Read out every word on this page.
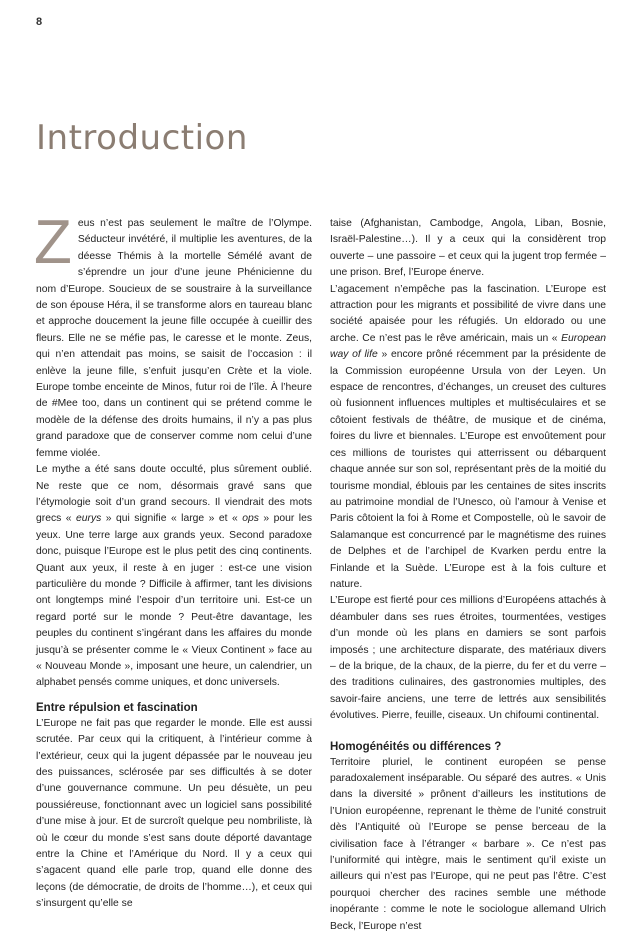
8
Introduction

Zeus n’est pas seulement le maître de l’Olympe. Séducteur invétéré, il multiplie les aventures, de la déesse Thémis à la mortelle Sémélé avant de s’éprendre un jour d’une jeune Phénicienne du nom d’Europe. Soucieux de se soustraire à la surveillance de son épouse Héra, il se transforme alors en taureau blanc et approche doucement la jeune fille occupée à cueillir des fleurs. Elle ne se méfie pas, le caresse et le monte. Zeus, qui n’en attendait pas moins, se saisit de l’occasion : il enlève la jeune fille, s’enfuit jusqu’en Crète et la viole. Europe tombe enceinte de Minos, futur roi de l’île. À l’heure de #Mee too, dans un continent qui se prétend comme le modèle de la défense des droits humains, il n’y a pas plus grand paradoxe que de conserver comme nom celui d’une femme violée.

Le mythe a été sans doute occulté, plus sûrement oublié. Ne reste que ce nom, désormais gravé sans que l’étymologie soit d’un grand secours. Il viendrait des mots grecs « eurys » qui signifie « large » et « ops » pour les yeux. Une terre large aux grands yeux. Second paradoxe donc, puisque l’Europe est le plus petit des cinq continents. Quant aux yeux, il reste à en juger : est-ce une vision particulière du monde ? Difficile à affirmer, tant les divisions ont longtemps miné l’espoir d’un territoire uni. Est-ce un regard porté sur le monde ? Peut-être davantage, les peuples du continent s’ingérant dans les affaires du monde jusqu’à se présenter comme le « Vieux Continent » face au « Nouveau Monde », imposant une heure, un calendrier, un alphabet pensés comme uniques, et donc universels.

Entre répulsion et fascination

L’Europe ne fait pas que regarder le monde. Elle est aussi scrutée. Par ceux qui la critiquent, à l’intérieur comme à l’extérieur, ceux qui la jugent dépassée par le nouveau jeu des puissances, sclérosée par ses difficultés à se doter d’une gouvernance commune. Un peu désuète, un peu poussiéreuse, fonctionnant avec un logiciel sans possibilité d’une mise à jour. Et de surcroît quelque peu nombriliste, là où le cœur du monde s’est sans doute déporté davantage entre la Chine et l’Amérique du Nord. Il y a ceux qui s’agacent quand elle parle trop, quand elle donne des leçons (de démocratie, de droits de l’homme…), et ceux qui s’insurgent qu’elle se

taise (Afghanistan, Cambodge, Angola, Liban, Bosnie, Israël-Palestine…). Il y a ceux qui la considèrent trop ouverte – une passoire – et ceux qui la jugent trop fermée – une prison. Bref, l’Europe énerve.

L’agacement n’empêche pas la fascination. L’Europe est attraction pour les migrants et possibilité de vivre dans une société apaisée pour les réfugiés. Un eldorado ou une arche. Ce n’est pas le rêve américain, mais un « European way of life » encore prôné récemment par la présidente de la Commission européenne Ursula von der Leyen. Un espace de rencontres, d’échanges, un creuset des cultures où fusionnent influences multiples et multiséculaires et se côtoient festivals de théâtre, de musique et de cinéma, foires du livre et biennales. L’Europe est envoûtement pour ces millions de touristes qui atterrissent ou débarquent chaque année sur son sol, représentant près de la moitié du tourisme mondial, éblouis par les centaines de sites inscrits au patrimoine mondial de l’Unesco, où l’amour à Venise et Paris côtoient la foi à Rome et Compostelle, où le savoir de Salamanque est concurrencé par le magnétisme des ruines de Delphes et de l’archipel de Kvarken perdu entre la Finlande et la Suède. L’Europe est à la fois culture et nature.

L’Europe est fierté pour ces millions d’Européens attachés à déambuler dans ses rues étroites, tourmentées, vestiges d’un monde où les plans en damiers se sont parfois imposés ; une architecture disparate, des matériaux divers – de la brique, de la chaux, de la pierre, du fer et du verre – des traditions culinaires, des gastronomies multiples, des savoir-faire anciens, une terre de lettrés aux sensibilités évolutives. Pierre, feuille, ciseaux. Un chifoumi continental.

Homogénéités ou différences ?

Territoire pluriel, le continent européen se pense paradoxalement inséparable. Ou séparé des autres. « Unis dans la diversité » prônent d’ailleurs les institutions de l’Union européenne, reprenant le thème de l’unité construit dès l’Antiquité où l’Europe se pense berceau de la civilisation face à l’étranger « barbare ». Ce n’est pas l’uniformité qui intègre, mais le sentiment qu’il existe un ailleurs qui n’est pas l’Europe, qui ne peut pas l’être. C’est pourquoi chercher des racines semble une méthode inopérante : comme le note le sociologue allemand Ulrich Beck, l’Europe n’est
